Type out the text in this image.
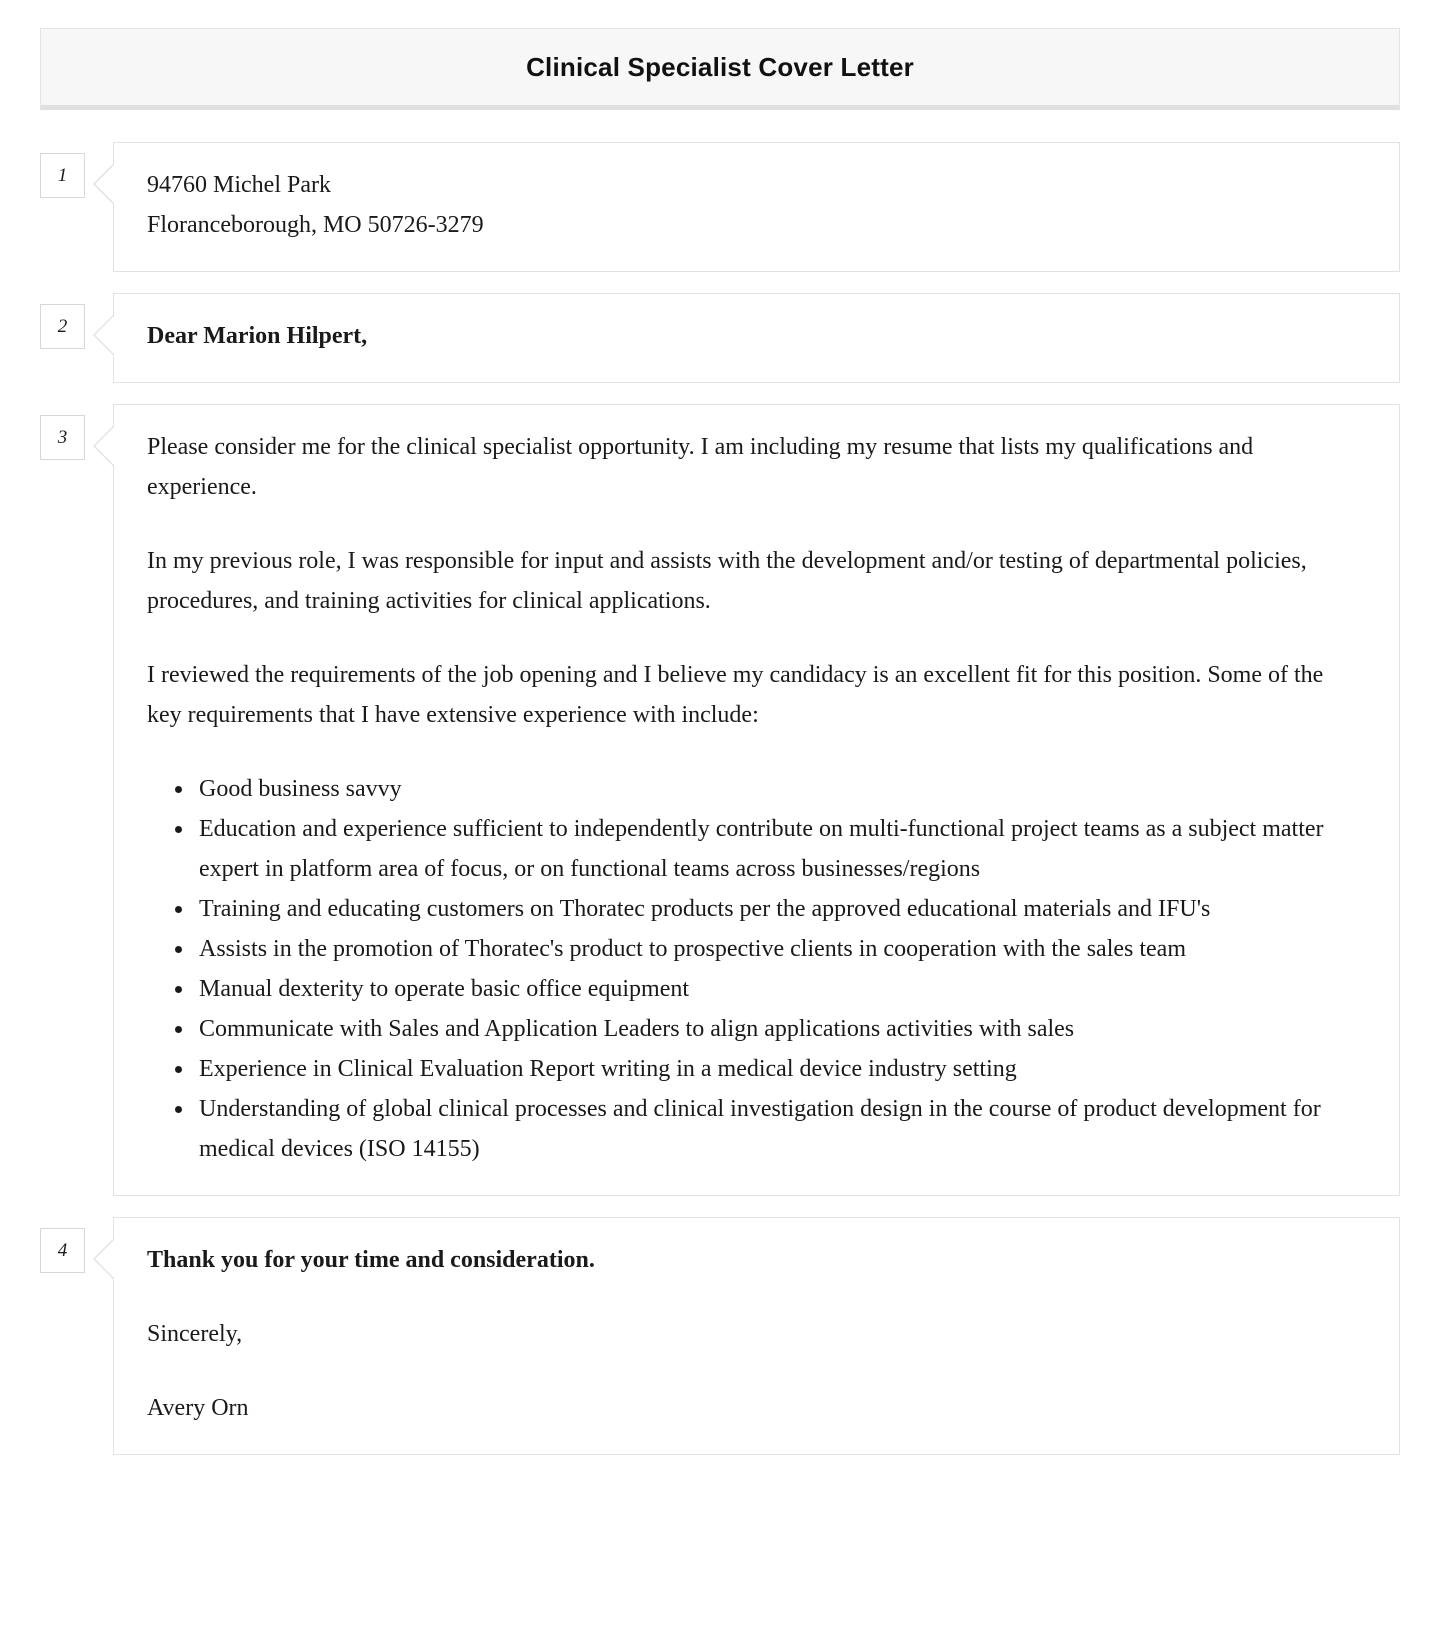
Clinical Specialist Cover Letter
1	94760 Michel Park
Floranceborough, MO 50726-3279
2	Dear Marion Hilpert,
3	Please consider me for the clinical specialist opportunity. I am including my resume that lists my qualifications and experience.

In my previous role, I was responsible for input and assists with the development and/or testing of departmental policies, procedures, and training activities for clinical applications.

I reviewed the requirements of the job opening and I believe my candidacy is an excellent fit for this position. Some of the key requirements that I have extensive experience with include:

• Good business savvy
• Education and experience sufficient to independently contribute on multi-functional project teams as a subject matter expert in platform area of focus, or on functional teams across businesses/regions
• Training and educating customers on Thoratec products per the approved educational materials and IFU's
• Assists in the promotion of Thoratec's product to prospective clients in cooperation with the sales team
• Manual dexterity to operate basic office equipment
• Communicate with Sales and Application Leaders to align applications activities with sales
• Experience in Clinical Evaluation Report writing in a medical device industry setting
• Understanding of global clinical processes and clinical investigation design in the course of product development for medical devices (ISO 14155)
4	Thank you for your time and consideration.

Sincerely,

Avery Orn
